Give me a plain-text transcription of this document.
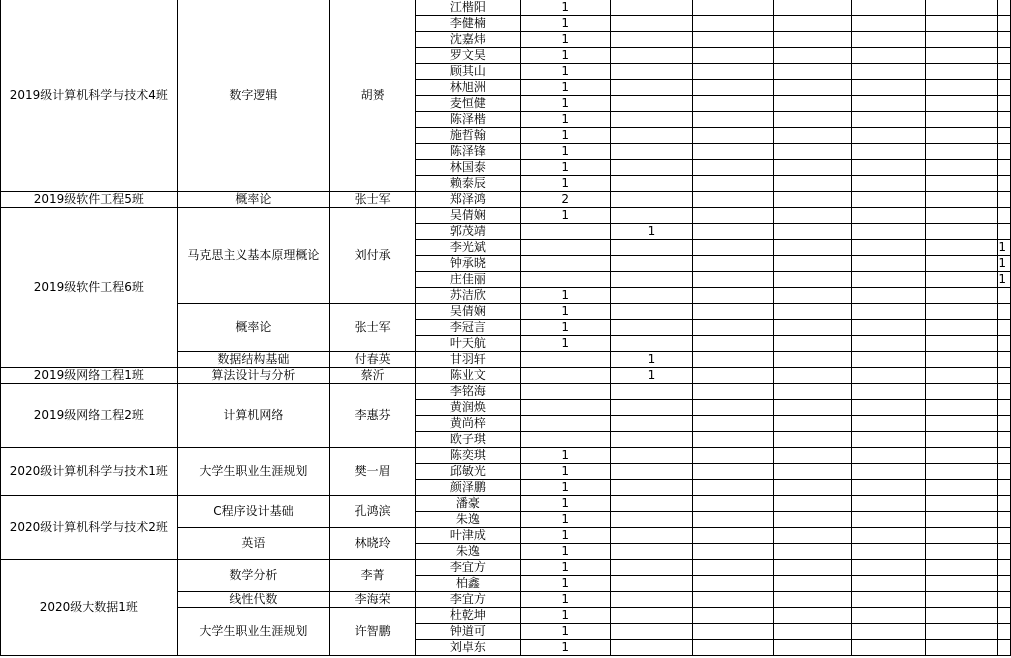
2019级计算机科学与技术4班	数字逻辑	胡赟	江楷阳	1						
			李健楠	1						
			沈嘉炜	1						
			罗文昊	1						
			顾其山	1						
			林旭洲	1						
			麦恒健	1						
			陈泽楷	1						
			施哲翰	1						
			陈泽锋	1						
			林国泰	1						
			赖泰辰	1						
2019级软件工程5班	概率论	张士军	郑泽鸿	2						
2019级软件工程6班	马克思主义基本原理概论	刘付承	吴倩娴	1						
			郭茂靖		1					
			李光斌							1
			钟承晓							1
			庄佳丽							1
			苏洁欣	1						
	概率论	张士军	吴倩娴	1						
			李冠言	1						
			叶天航	1						
	数据结构基础	付春英	甘羽轩		1					
2019级网络工程1班	算法设计与分析	蔡沂	陈业文		1					
2019级网络工程2班	计算机网络	李惠芬	李铭海							
			黄润焕							
			黄尚梓							
			欧子琪							
2020级计算机科学与技术1班	大学生职业生涯规划	樊一眉	陈奕琪	1						
			邱敏光	1						
			颜泽鹏	1						
2020级计算机科学与技术2班	C程序设计基础	孔鸿滨	潘豪	1						
			朱逸	1						
	英语	林晓玲	叶津成	1						
			朱逸	1						
2020级大数据1班	数学分析	李菁	李宜方	1						
			柏鑫	1						
	线性代数	李海荣	李宜方	1						
	大学生职业生涯规划	许智鹏	杜乾坤	1						
			钟道可	1						
			刘卓东	1						
